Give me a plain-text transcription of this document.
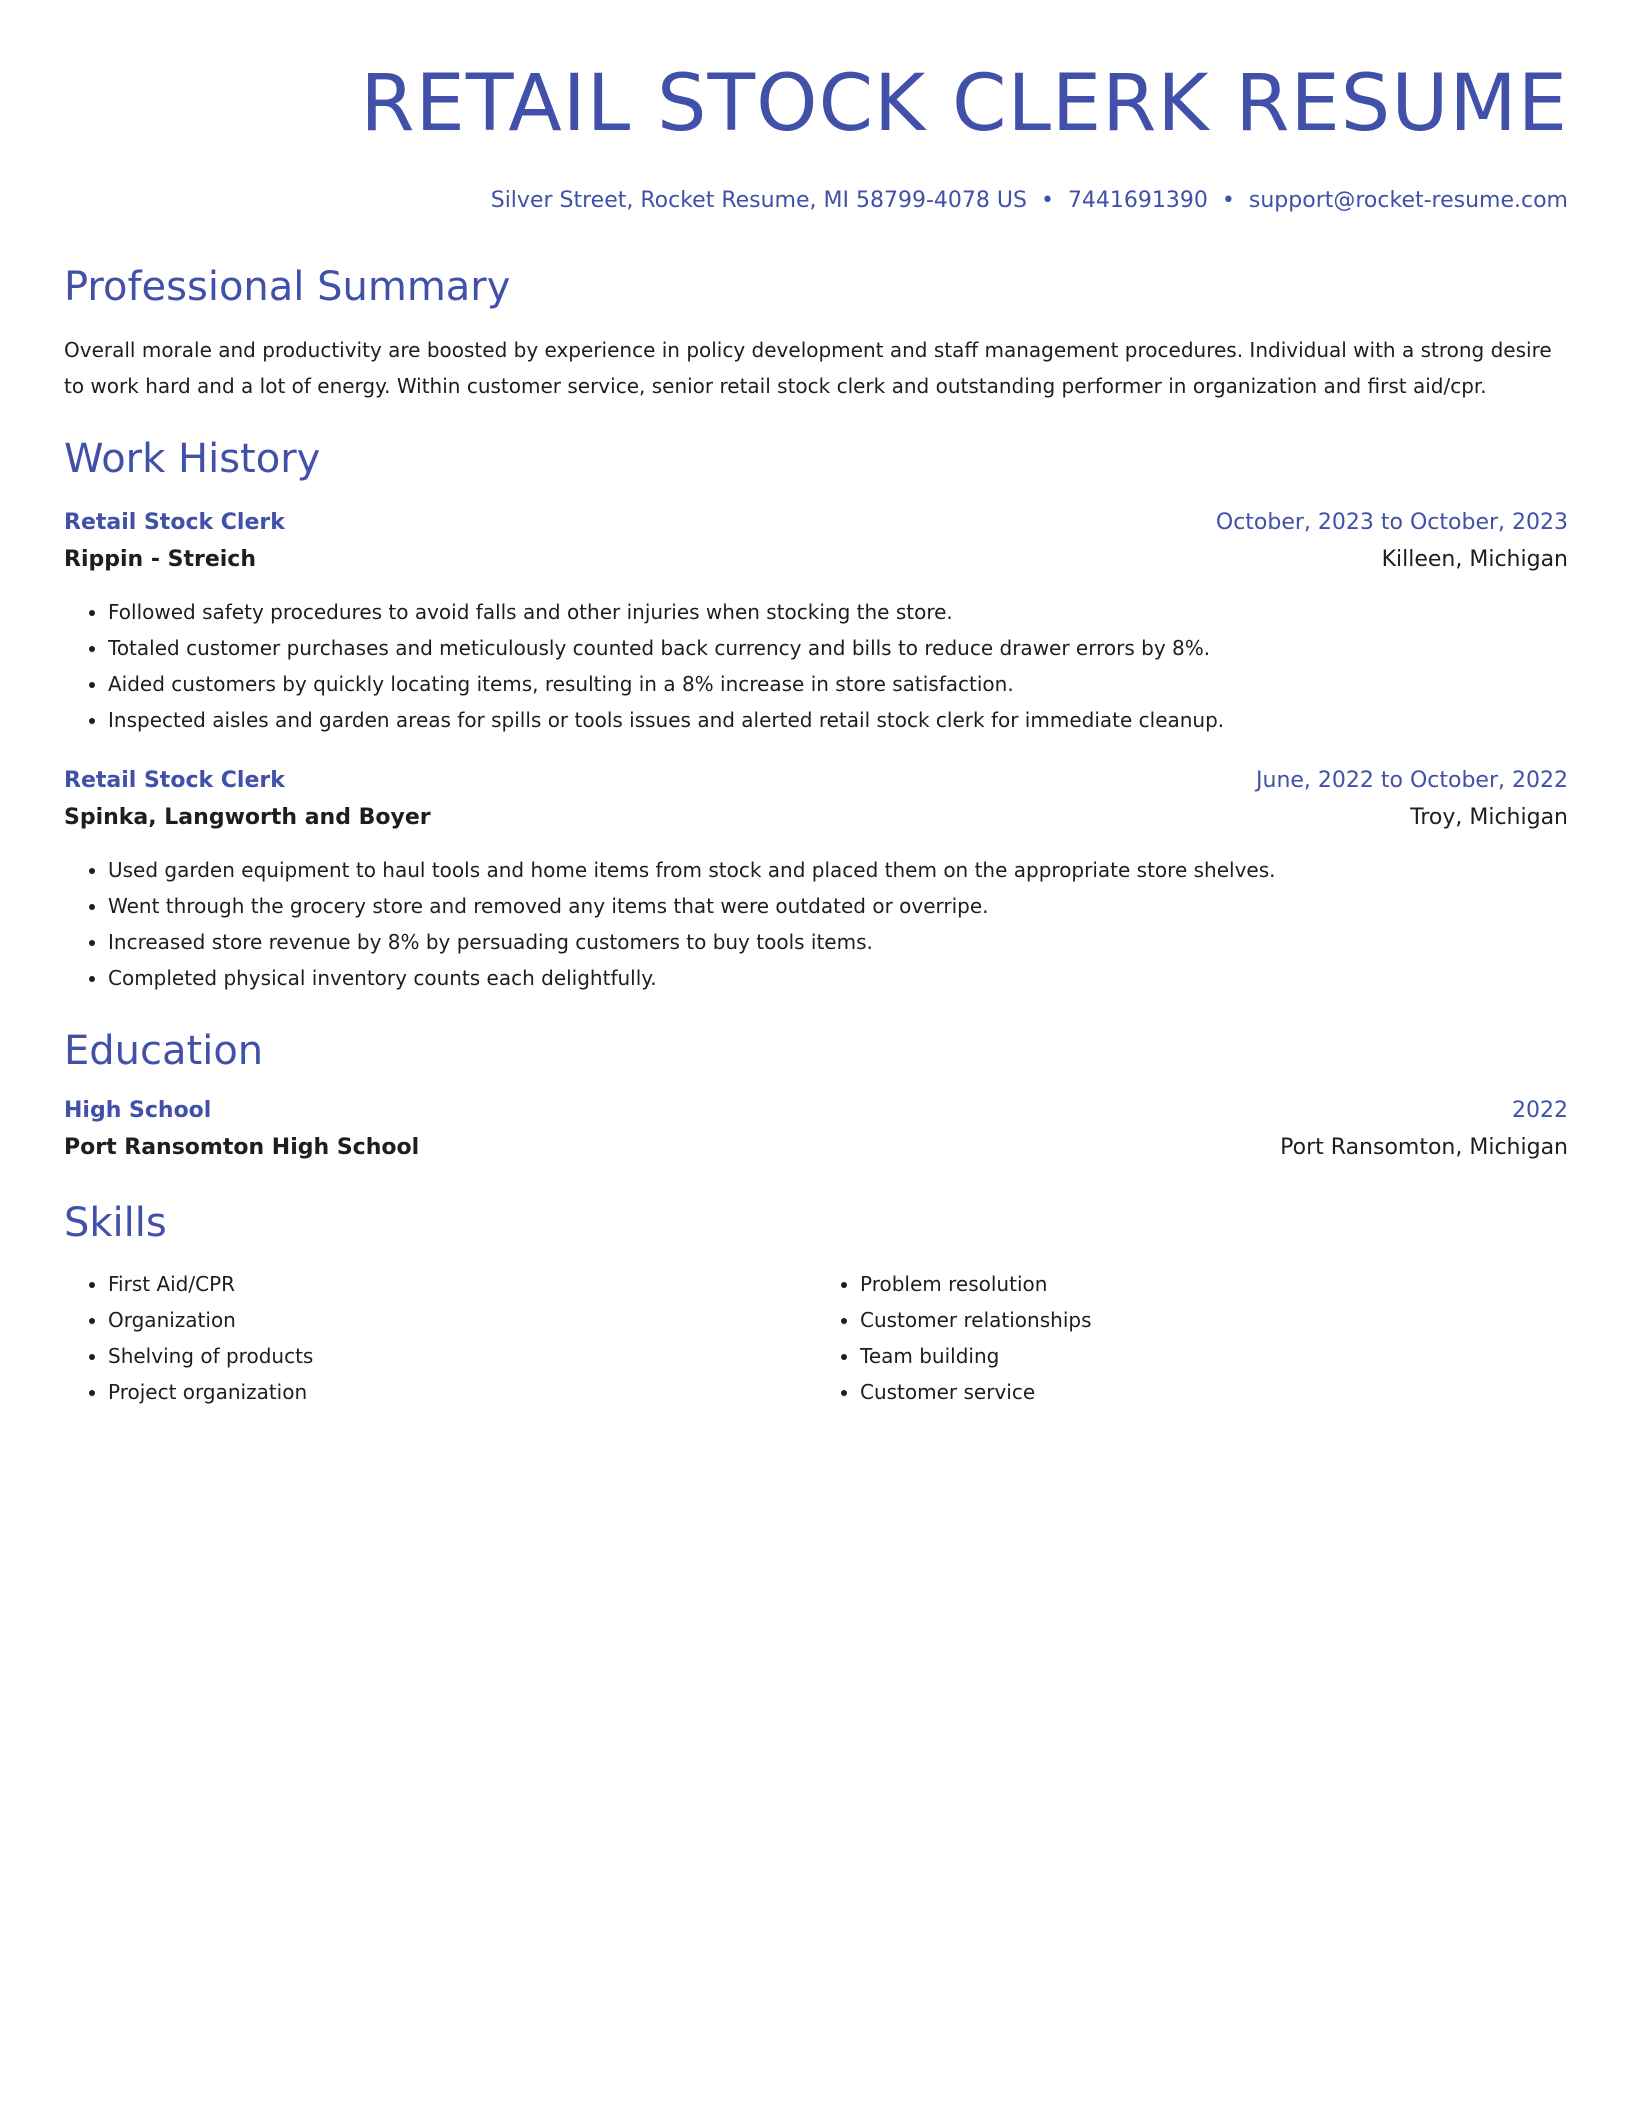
RETAIL STOCK CLERK RESUME
Silver Street, Rocket Resume, MI 58799-4078 US • 7441691390 • support@rocket-resume.com
Professional Summary

Overall morale and productivity are boosted by experience in policy development and staff management procedures. Individual with a strong desire to work hard and a lot of energy. Within customer service, senior retail stock clerk and outstanding performer in organization and first aid/cpr.

Work History
Retail Stock Clerk	October, 2023 to October, 2023
Rippin - Streich	Killeen, Michigan
• Followed safety procedures to avoid falls and other injuries when stocking the store.
• Totaled customer purchases and meticulously counted back currency and bills to reduce drawer errors by 8%.
• Aided customers by quickly locating items, resulting in a 8% increase in store satisfaction.
• Inspected aisles and garden areas for spills or tools issues and alerted retail stock clerk for immediate cleanup.
Retail Stock Clerk	June, 2022 to October, 2022
Spinka, Langworth and Boyer	Troy, Michigan
• Used garden equipment to haul tools and home items from stock and placed them on the appropriate store shelves.
• Went through the grocery store and removed any items that were outdated or overripe.
• Increased store revenue by 8% by persuading customers to buy tools items.
• Completed physical inventory counts each delightfully.
Education
High School	2022
Port Ransomton High School	Port Ransomton, Michigan
Skills
• First Aid/CPR
• Organization
• Shelving of products
• Project organization
• Problem resolution
• Customer relationships
• Team building
• Customer service
